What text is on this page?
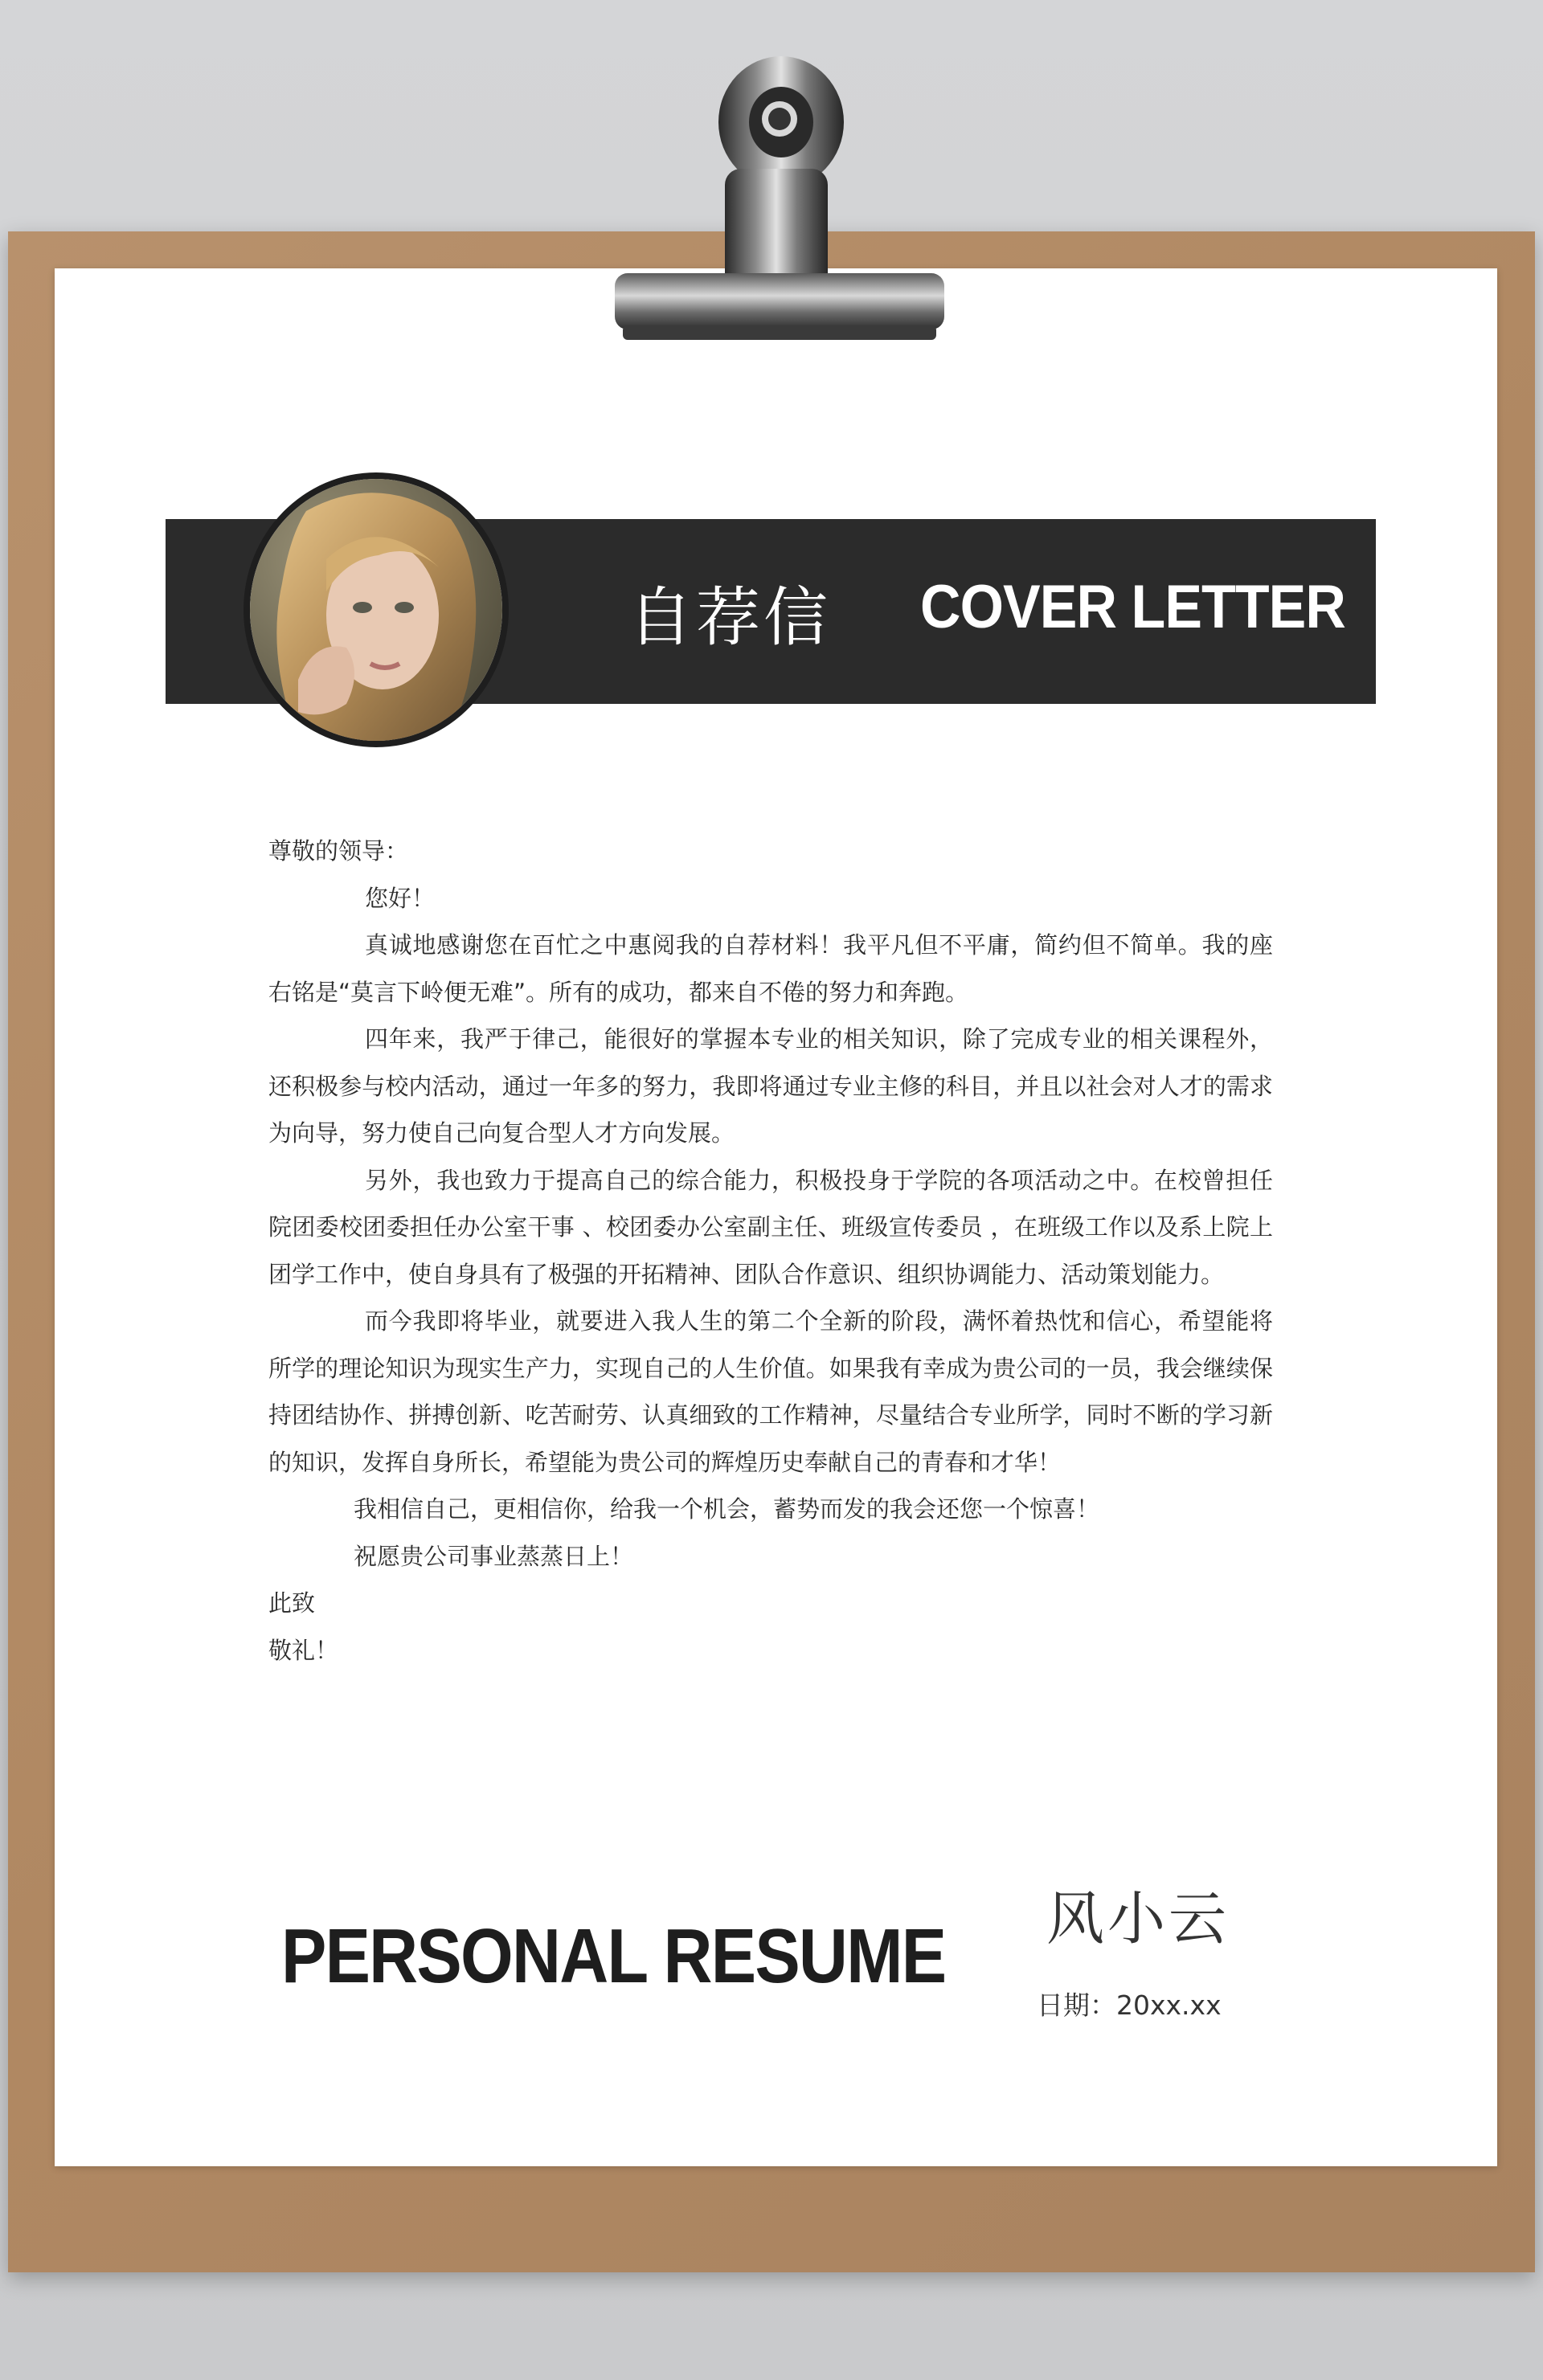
自荐信 COVER LETTER

尊敬的领导：

您好！

真诚地感谢您在百忙之中惠阅我的自荐材料！我平凡但不平庸，简约但不简单。我的座右铭是“莫言下岭便无难”。所有的成功，都来自不倦的努力和奔跑。

四年来，我严于律己，能很好的掌握本专业的相关知识，除了完成专业的相关课程外，还积极参与校内活动，通过一年多的努力，我即将通过专业主修的科目，并且以社会对人才的需求为向导，努力使自己向复合型人才方向发展。

另外，我也致力于提高自己的综合能力，积极投身于学院的各项活动之中。在校曾担任院团委校团委担任办公室干事 、校团委办公室副主任、班级宣传委员 ，在班级工作以及系上院上团学工作中，使自身具有了极强的开拓精神、团队合作意识、组织协调能力、活动策划能力。

而今我即将毕业，就要进入我人生的第二个全新的阶段，满怀着热忱和信心，希望能将所学的理论知识为现实生产力，实现自己的人生价值。如果我有幸成为贵公司的一员，我会继续保持团结协作、拼搏创新、吃苦耐劳、认真细致的工作精神，尽量结合专业所学，同时不断的学习新的知识，发挥自身所长，希望能为贵公司的辉煌历史奉献自己的青春和才华！

我相信自己，更相信你，给我一个机会，蓄势而发的我会还您一个惊喜！

祝愿贵公司事业蒸蒸日上！

此致

敬礼！

PERSONAL RESUME 风小云
日期：20xx.xx
